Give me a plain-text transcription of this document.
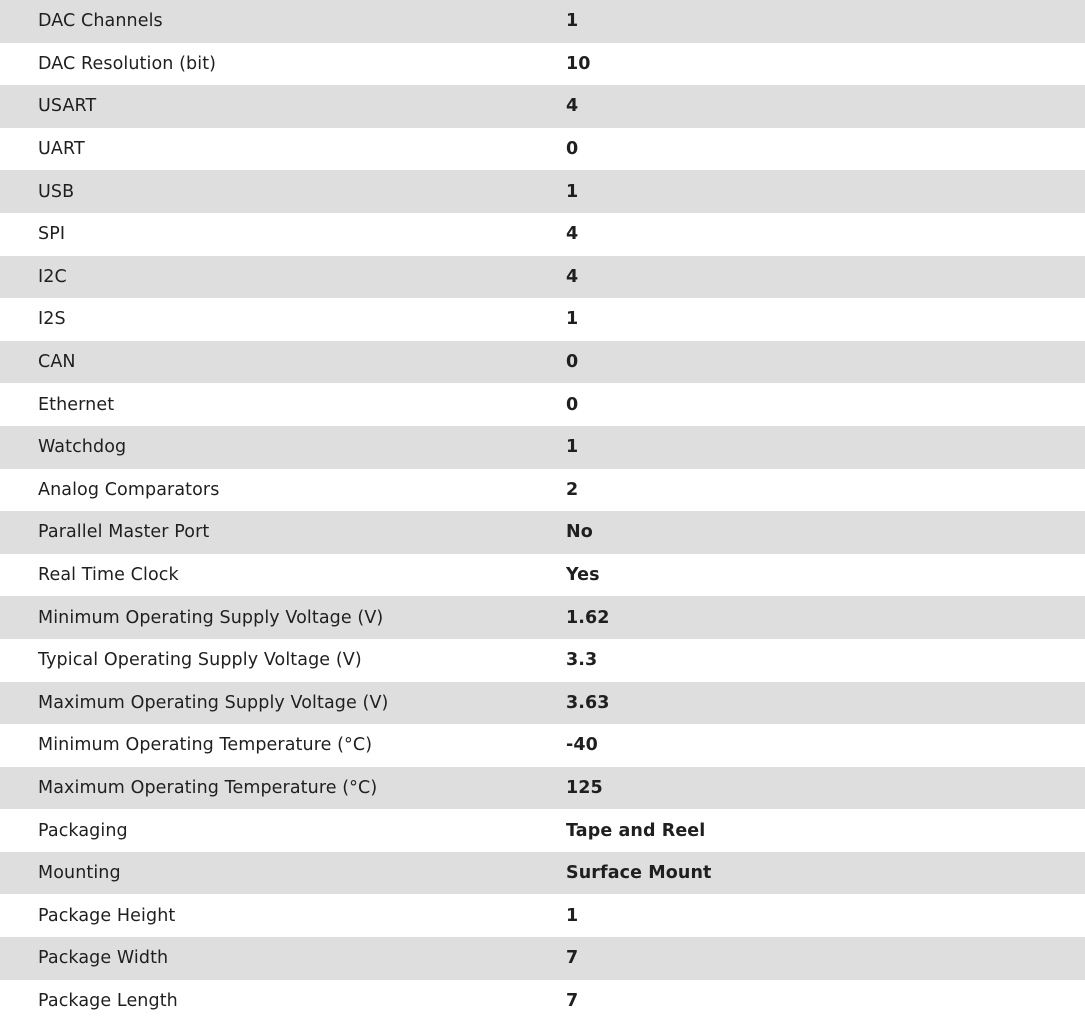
DAC Channels	1
DAC Resolution (bit)	10
USART	4
UART	0
USB	1
SPI	4
I2C	4
I2S	1
CAN	0
Ethernet	0
Watchdog	1
Analog Comparators	2
Parallel Master Port	No
Real Time Clock	Yes
Minimum Operating Supply Voltage (V)	1.62
Typical Operating Supply Voltage (V)	3.3
Maximum Operating Supply Voltage (V)	3.63
Minimum Operating Temperature (°C)	-40
Maximum Operating Temperature (°C)	125
Packaging	Tape and Reel
Mounting	Surface Mount
Package Height	1
Package Width	7
Package Length	7
